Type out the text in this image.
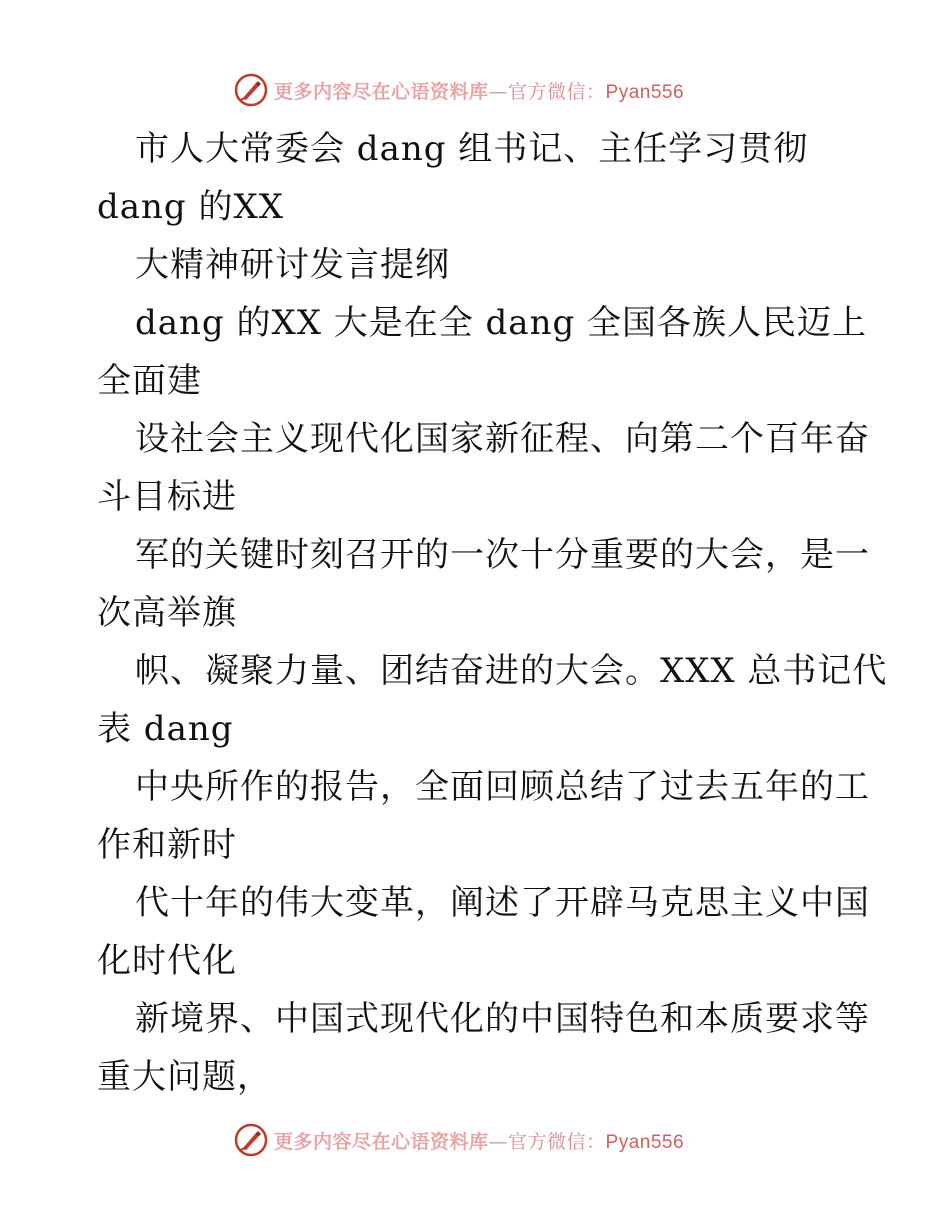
更多内容尽在心语资料库—官方微信：Pyan556
市人大常委会 dang 组书记、主任学习贯彻
dang 的XX
大精神研讨发言提纲
dang 的XX 大是在全 dang 全国各族人民迈上
全面建
设社会主义现代化国家新征程、向第二个百年奋
斗目标进
军的关键时刻召开的一次十分重要的大会，是一
次高举旗
帜、凝聚力量、团结奋进的大会。XXX 总书记代
表 dang
中央所作的报告，全面回顾总结了过去五年的工
作和新时
代十年的伟大变革，阐述了开辟马克思主义中国
化时代化
新境界、中国式现代化的中国特色和本质要求等
重大问题，
更多内容尽在心语资料库—官方微信：Pyan556
